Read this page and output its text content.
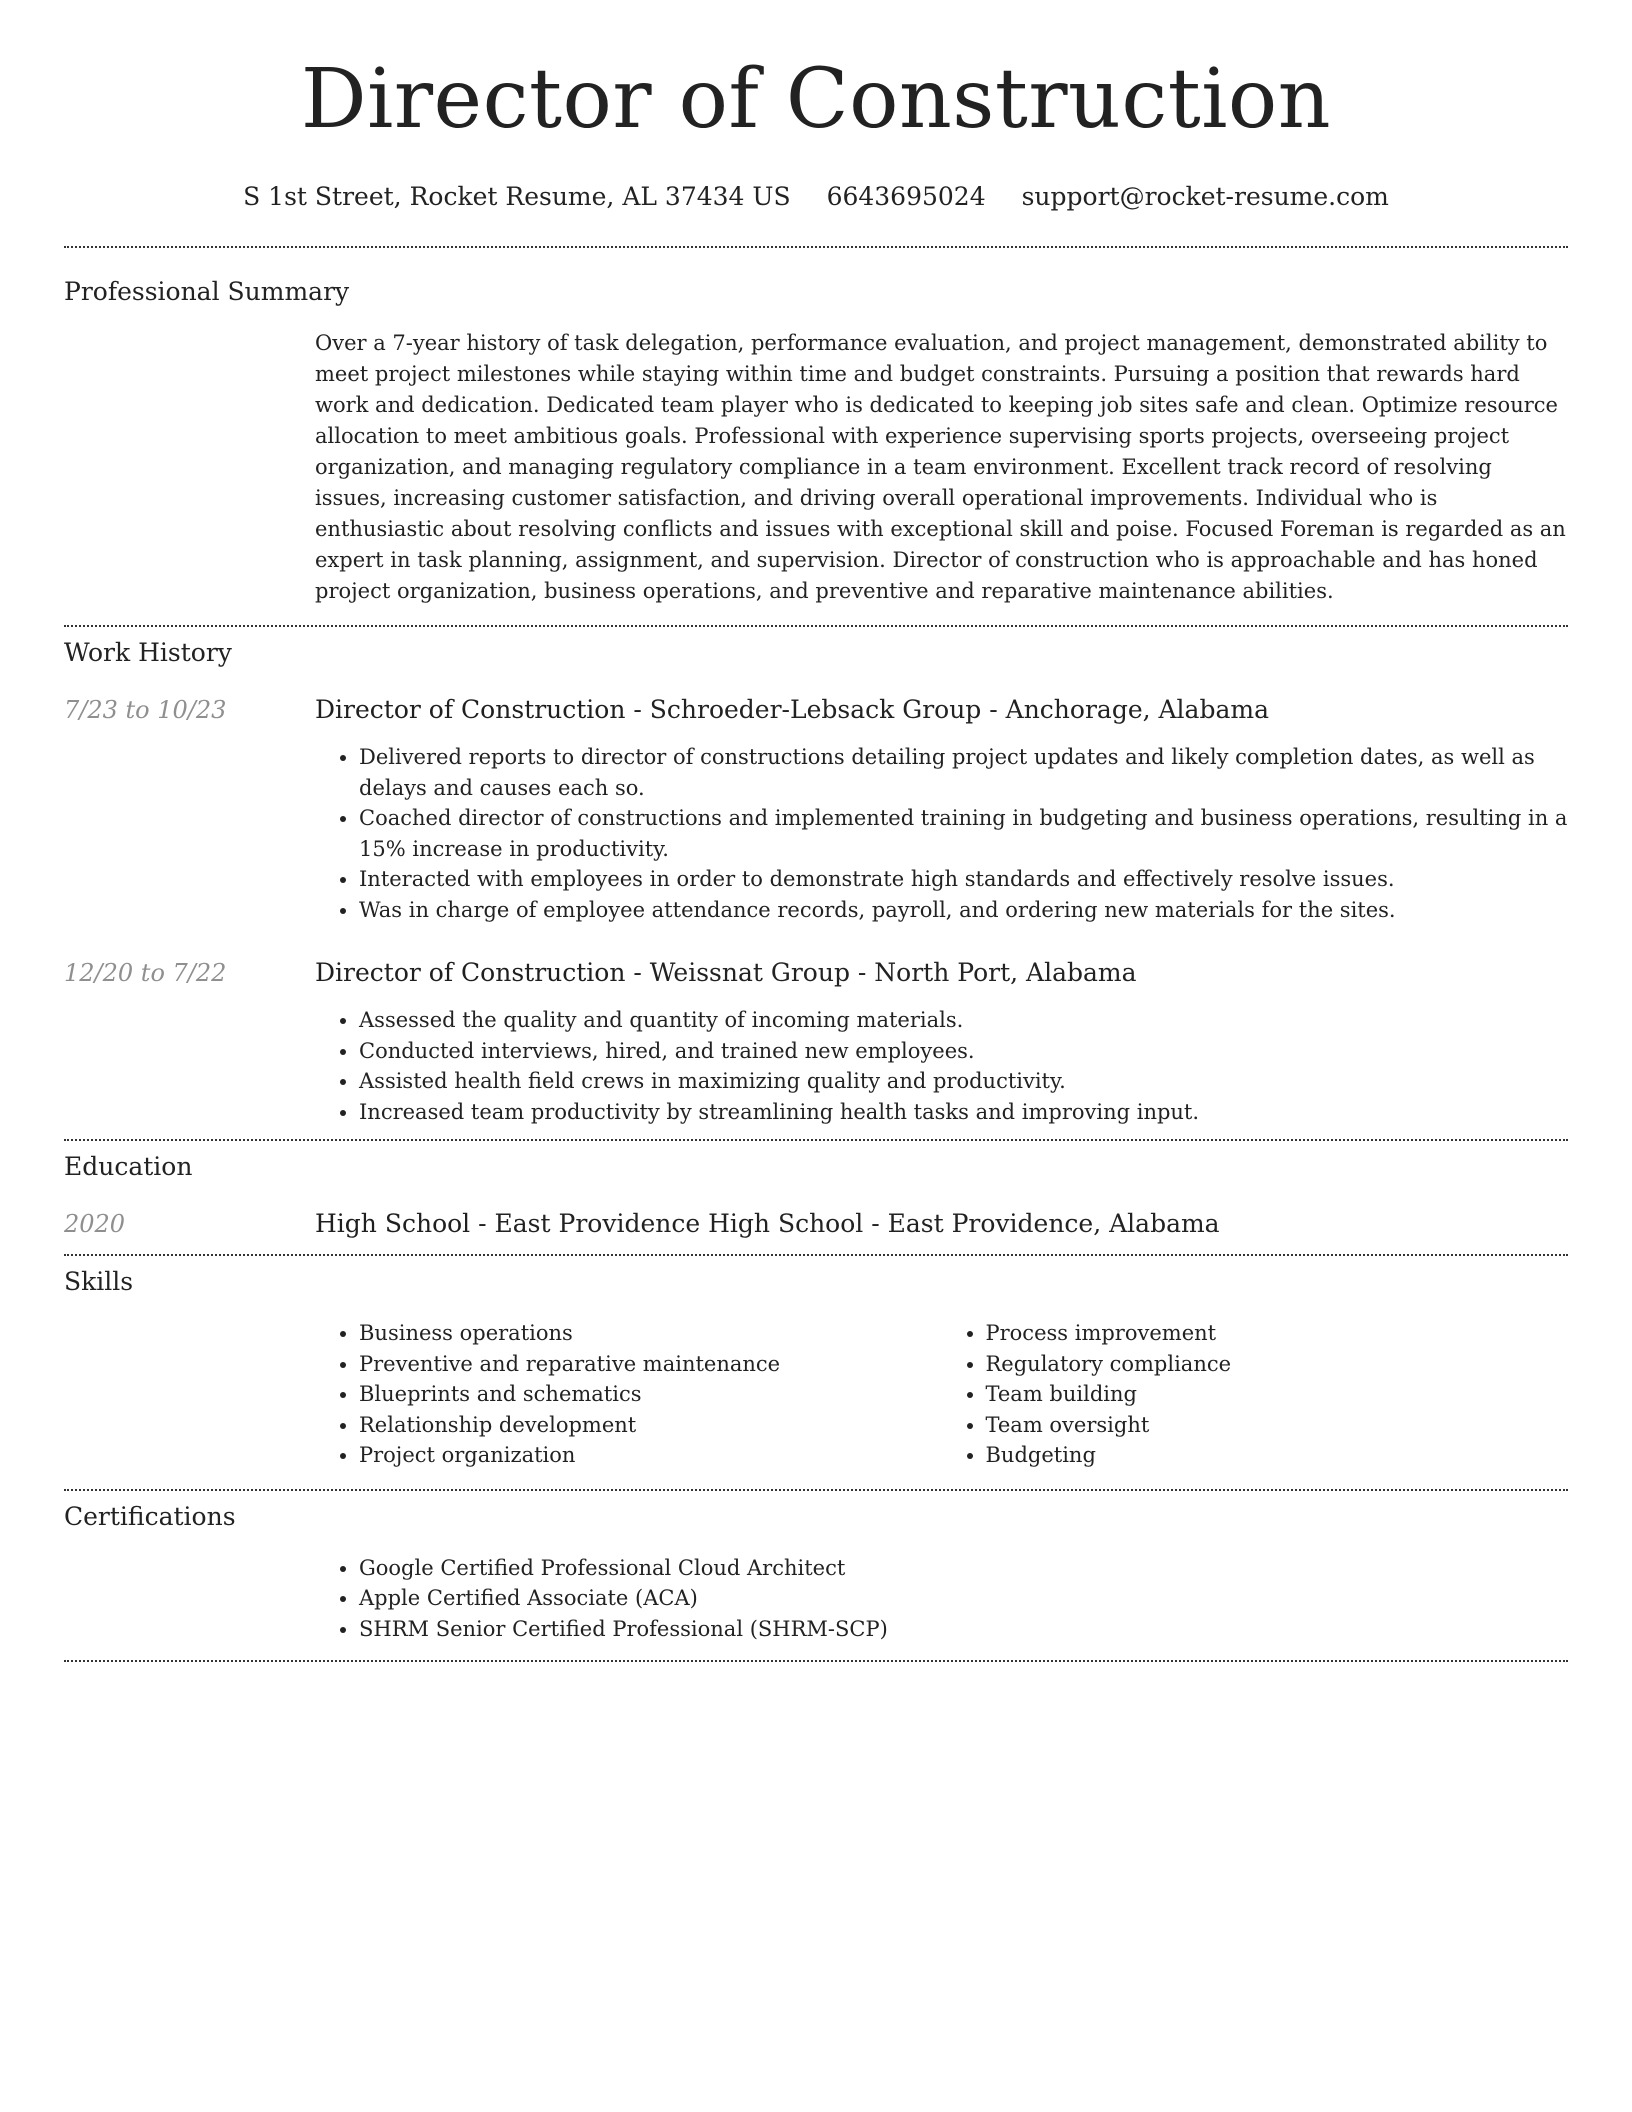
Director of Construction
S 1st Street, Rocket Resume, AL 37434 US 6643695024 support@rocket-resume.com
Professional Summary

Over a 7-year history of task delegation, performance evaluation, and project management, demonstrated ability to meet project milestones while staying within time and budget constraints. Pursuing a position that rewards hard work and dedication. Dedicated team player who is dedicated to keeping job sites safe and clean. Optimize resource allocation to meet ambitious goals. Professional with experience supervising sports projects, overseeing project organization, and managing regulatory compliance in a team environment. Excellent track record of resolving issues, increasing customer satisfaction, and driving overall operational improvements. Individual who is enthusiastic about resolving conflicts and issues with exceptional skill and poise. Focused Foreman is regarded as an expert in task planning, assignment, and supervision. Director of construction who is approachable and has honed project organization, business operations, and preventive and reparative maintenance abilities.

Work History
7/23 to 10/23	Director of Construction - Schroeder-Lebsack Group - Anchorage, Alabama
• Delivered reports to director of constructions detailing project updates and likely completion dates, as well as delays and causes each so.
• Coached director of constructions and implemented training in budgeting and business operations, resulting in a 15% increase in productivity.
• Interacted with employees in order to demonstrate high standards and effectively resolve issues.
• Was in charge of employee attendance records, payroll, and ordering new materials for the sites.
12/20 to 7/22	Director of Construction - Weissnat Group - North Port, Alabama
• Assessed the quality and quantity of incoming materials.
• Conducted interviews, hired, and trained new employees.
• Assisted health field crews in maximizing quality and productivity.
• Increased team productivity by streamlining health tasks and improving input.
Education
2020	High School - East Providence High School - East Providence, Alabama
Skills
• Business operations
• Preventive and reparative maintenance
• Blueprints and schematics
• Relationship development
• Project organization
• Process improvement
• Regulatory compliance
• Team building
• Team oversight
• Budgeting
Certifications
• Google Certified Professional Cloud Architect
• Apple Certified Associate (ACA)
• SHRM Senior Certified Professional (SHRM-SCP)
